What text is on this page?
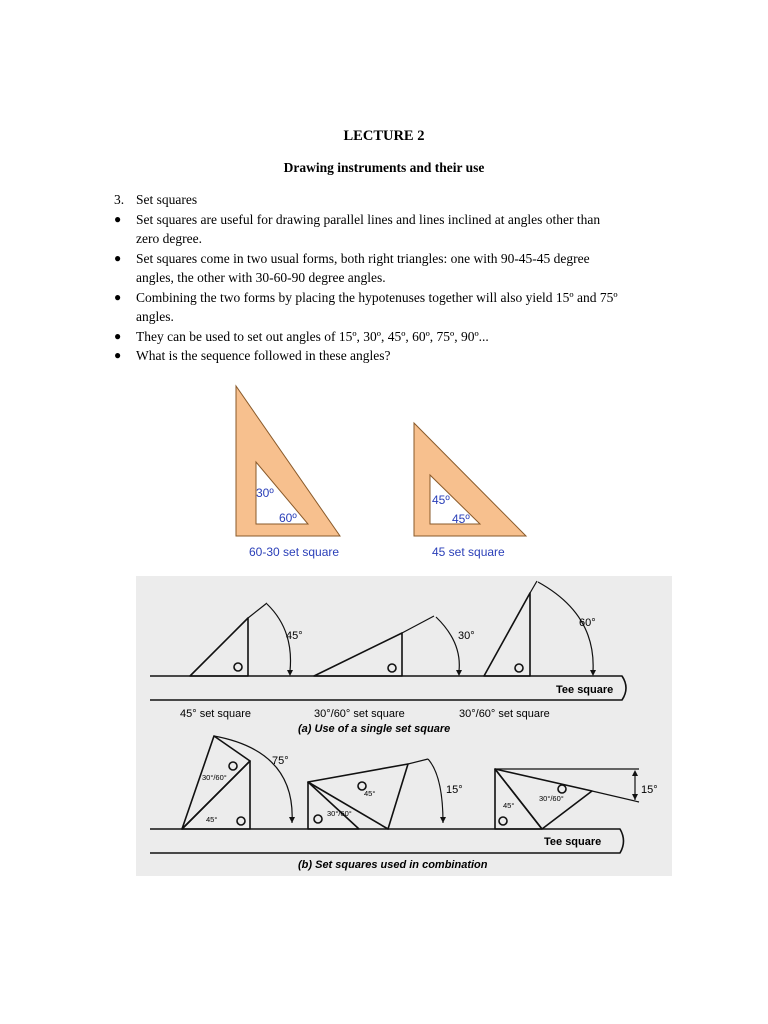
LECTURE 2
Drawing instruments and their use
3. Set squares
●	Set squares are useful for drawing parallel lines and lines inclined at angles other than
zero degree.
●	Set squares come in two usual forms, both right triangles: one with 90-45-45 degree
angles, the other with 30-60-90 degree angles.
●	Combining the two forms by placing the hypotenuses together will also yield 15º and 75º
angles.
●	They can be used to set out angles of 15º, 30º, 45º, 60º, 75º, 90º...
●	What is the sequence followed in these angles?
30º
60º
60-30 set square
45º
45º
45 set square
45°	30°
60°
Tee square
45° set square	30°/60° set square	30°/60° set square
(a) Use of a single set square
75°
15°	15°
30°/60°
45°
45°
30°/60°
45°
30°/60°
Tee square
(b) Set squares used in combination
